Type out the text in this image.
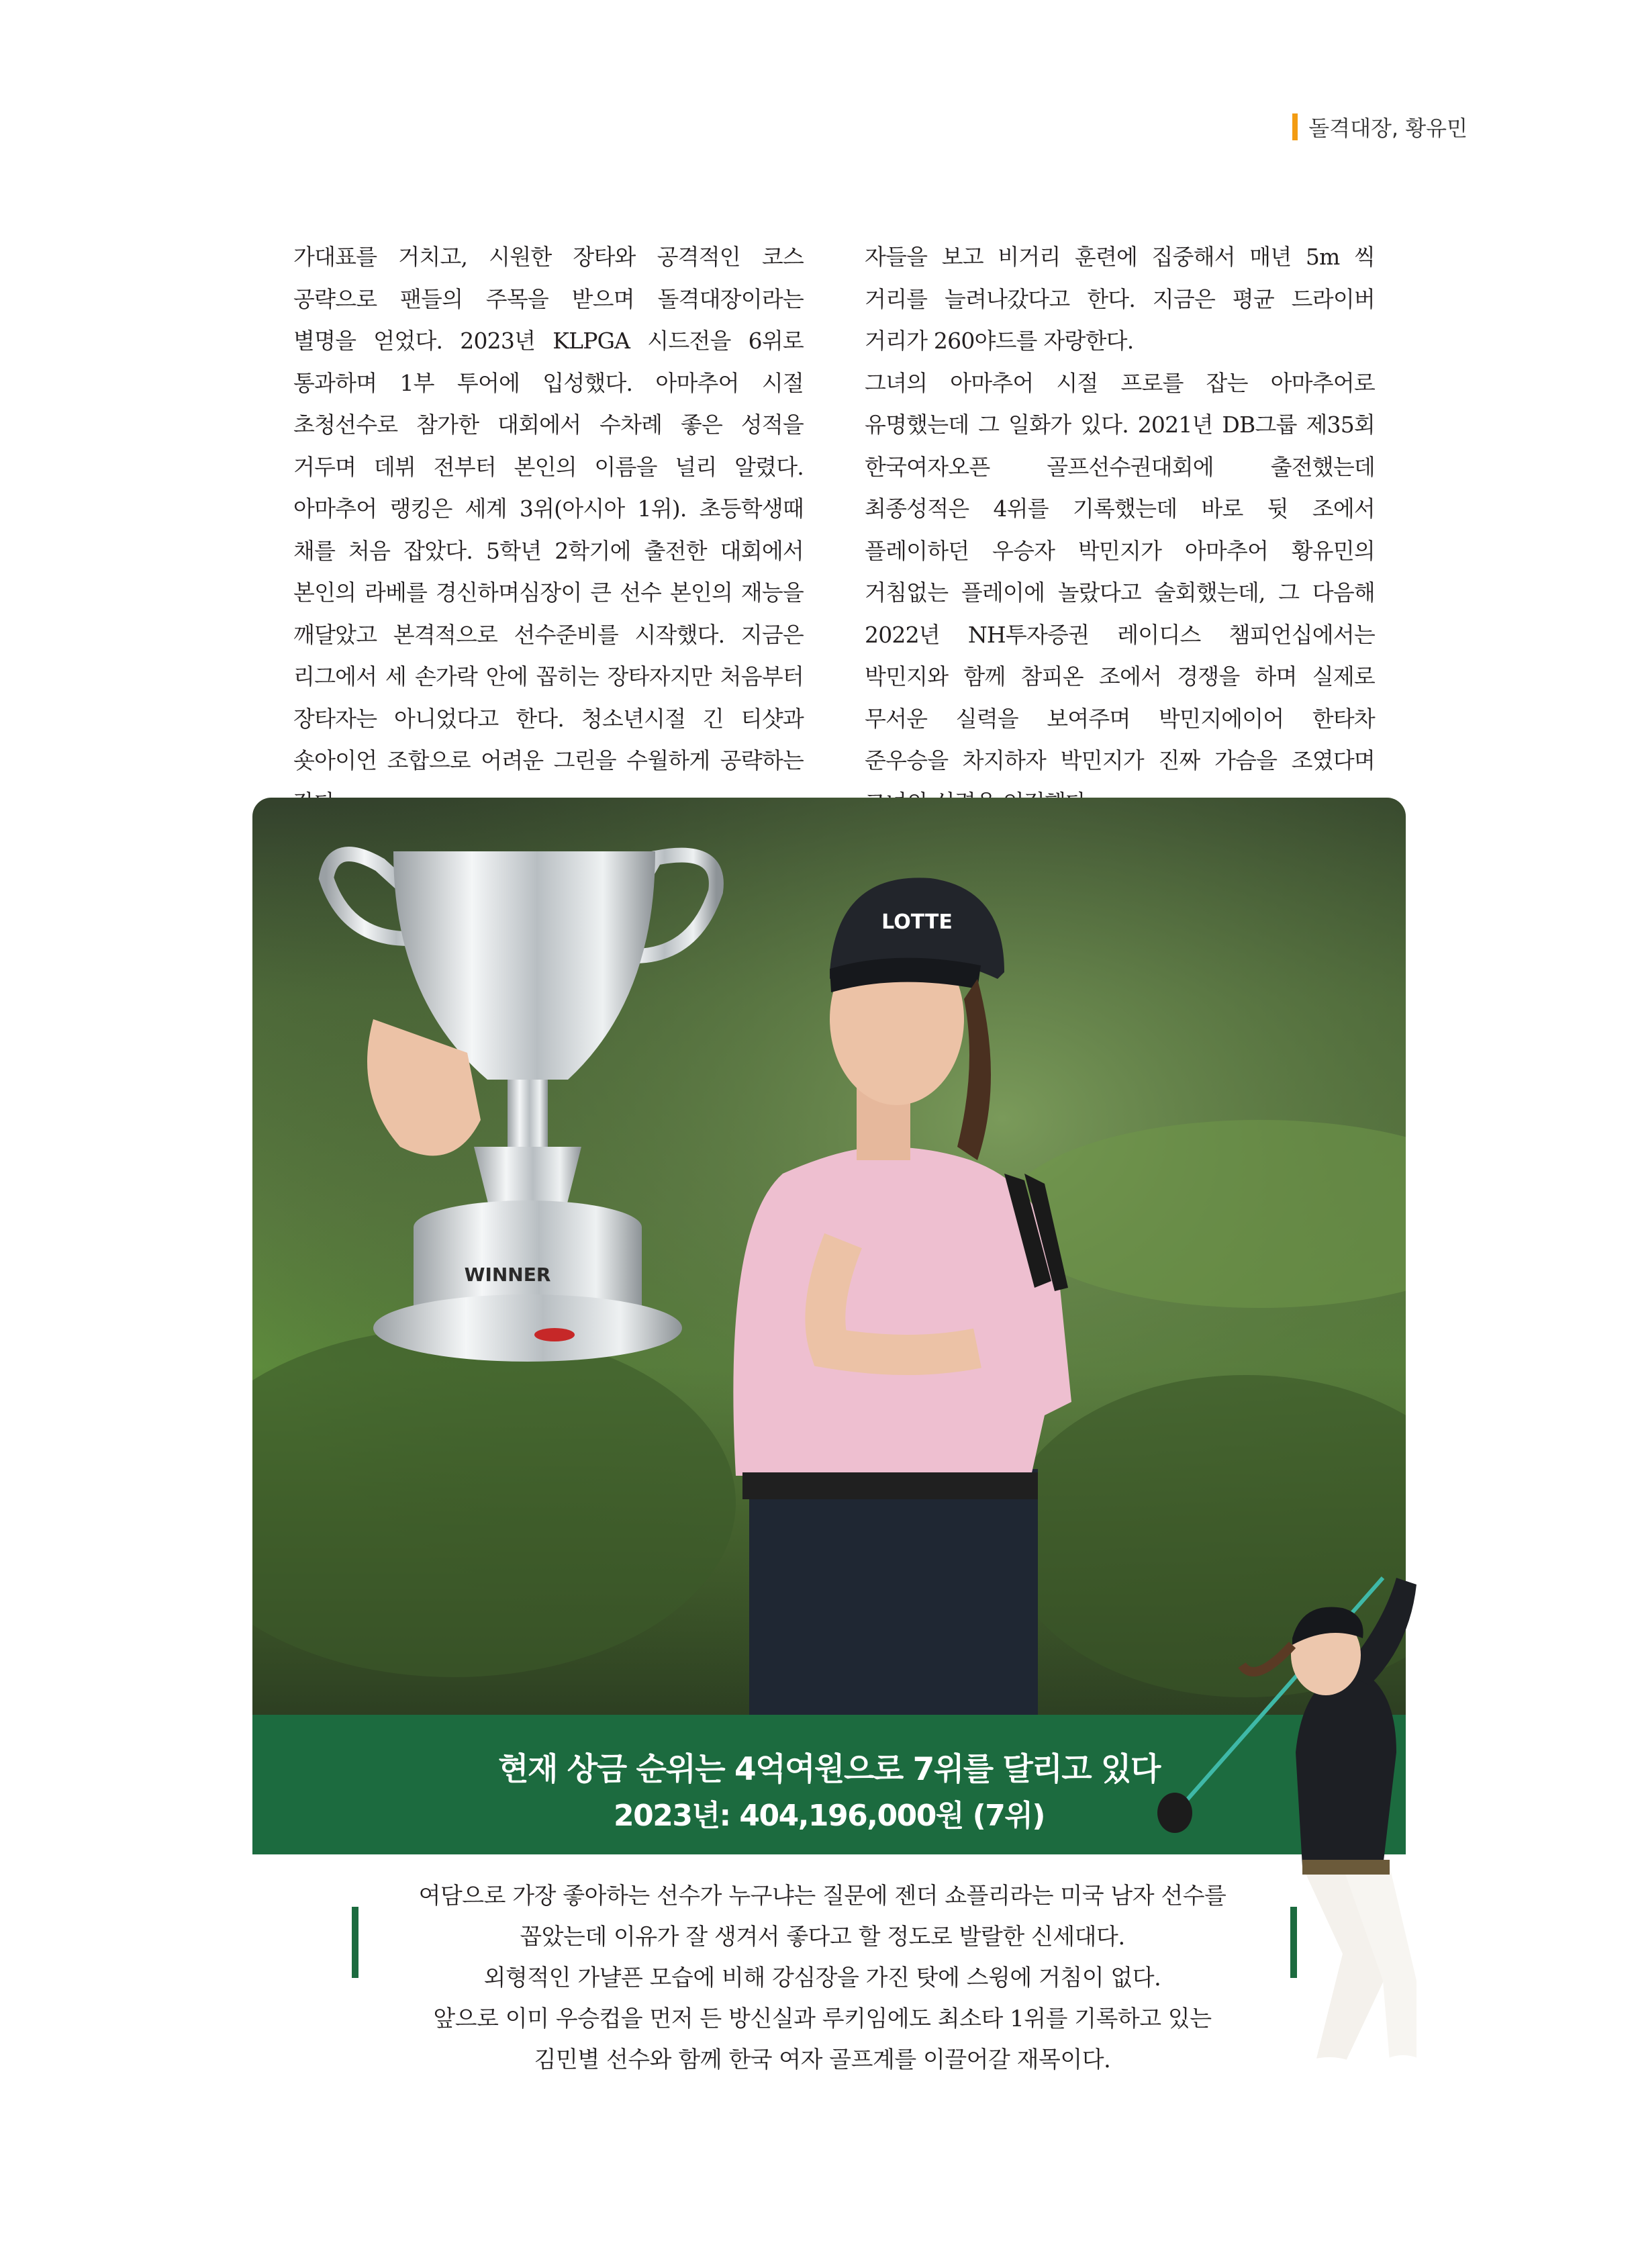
돌격대장, 황유민

가대표를 거치고, 시원한 장타와 공격적인 코스 공략으로 팬들의 주목을 받으며 돌격대장이라는 별명을 얻었다. 2023년 KLPGA 시드전을 6위로 통과하며 1부 투어에 입성했다. 아마추어 시절 초청선수로 참가한 대회에서 수차례 좋은 성적을 거두며 데뷔 전부터 본인의 이름을 널리 알렸다. 아마추어 랭킹은 세계 3위(아시아 1위). 초등학생때 채를 처음 잡았다. 5학년 2학기에 출전한 대회에서 본인의 라베를 경신하며심장이 큰 선수 본인의 재능을 깨달았고 본격적으로 선수준비를 시작했다. 지금은 리그에서 세 손가락 안에 꼽히는 장타자지만 처음부터 장타자는 아니었다고 한다. 청소년시절 긴 티샷과 숏아이언 조합으로 어려운 그린을 수월하게 공략하는

자들을 보고 비거리 훈련에 집중해서 매년 5m 씩 거리를 늘려나갔다고 한다. 지금은 평균 드라이버 거리가 260야드를 자랑한다.

그녀의 아마추어 시절 프로를 잡는 아마추어로 유명했는데 그 일화가 있다. 2021년 DB그룹 제35회 한국여자오픈 골프선수권대회에 출전했는데 최종성적은 4위를 기록했는데 바로 뒷 조에서 플레이하던 우승자 박민지가 아마추어 황유민의 거침없는 플레이에 놀랐다고 술회했는데, 그 다음해 2022년 NH투자증권 레이디스 챔피언십에서는 박민지와 함께 참피온 조에서 경쟁을 하며 실제로 무서운 실력을 보여주며 박민지에이어 한타차 준우승을 차지하자 박민지가 진짜 가슴을 조였다며

LOTTE
WINNER
현재 상금 순위는 4억여원으로 7위를 달리고 있다
2023년: 404,196,000원 (7위)

여담으로 가장 좋아하는 선수가 누구냐는 질문에 젠더 쇼플리라는 미국 남자 선수를

꼽았는데 이유가 잘 생겨서 좋다고 할 정도로 발랄한 신세대다.

외형적인 가냘픈 모습에 비해 강심장을 가진 탓에 스윙에 거침이 없다.

앞으로 이미 우승컵을 먼저 든 방신실과 루키임에도 최소타 1위를 기록하고 있는

김민별 선수와 함께 한국 여자 골프계를 이끌어갈 재목이다.
